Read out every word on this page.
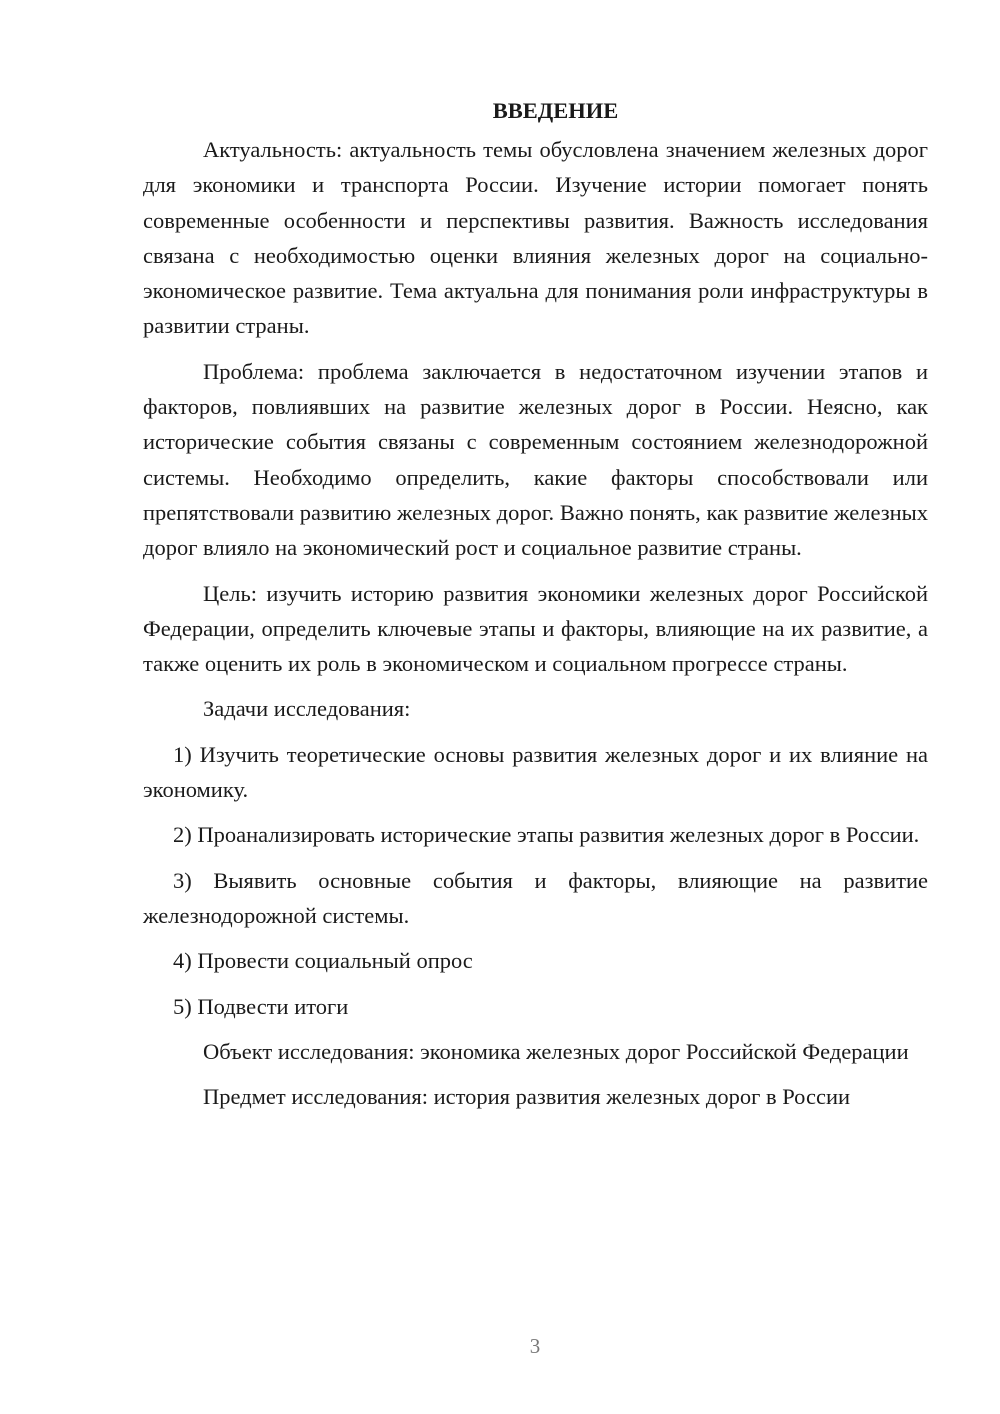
ВВЕДЕНИЕ

Актуальность: актуальность темы обусловлена значением железных дорог для экономики и транспорта России. Изучение истории помогает понять современные особенности и перспективы развития. Важность исследования связана с необходимостью оценки влияния железных дорог на социально-экономическое развитие. Тема актуальна для понимания роли инфраструктуры в развитии страны.

Проблема: проблема заключается в недостаточном изучении этапов и факторов, повлиявших на развитие железных дорог в России. Неясно, как исторические события связаны с современным состоянием железнодорожной системы. Необходимо определить, какие факторы способствовали или препятствовали развитию железных дорог. Важно понять, как развитие железных дорог влияло на экономический рост и социальное развитие страны.

Цель: изучить историю развития экономики железных дорог Российской Федерации, определить ключевые этапы и факторы, влияющие на их развитие, а также оценить их роль в экономическом и социальном прогрессе страны.

Задачи исследования:

1) Изучить теоретические основы развития железных дорог и их влияние на экономику.

2) Проанализировать исторические этапы развития железных дорог в России.

3) Выявить основные события и факторы, влияющие на развитие железнодорожной системы.

4) Провести социальный опрос

5) Подвести итоги

Объект исследования: экономика железных дорог Российской Федерации

Предмет исследования: история развития железных дорог в России

3
